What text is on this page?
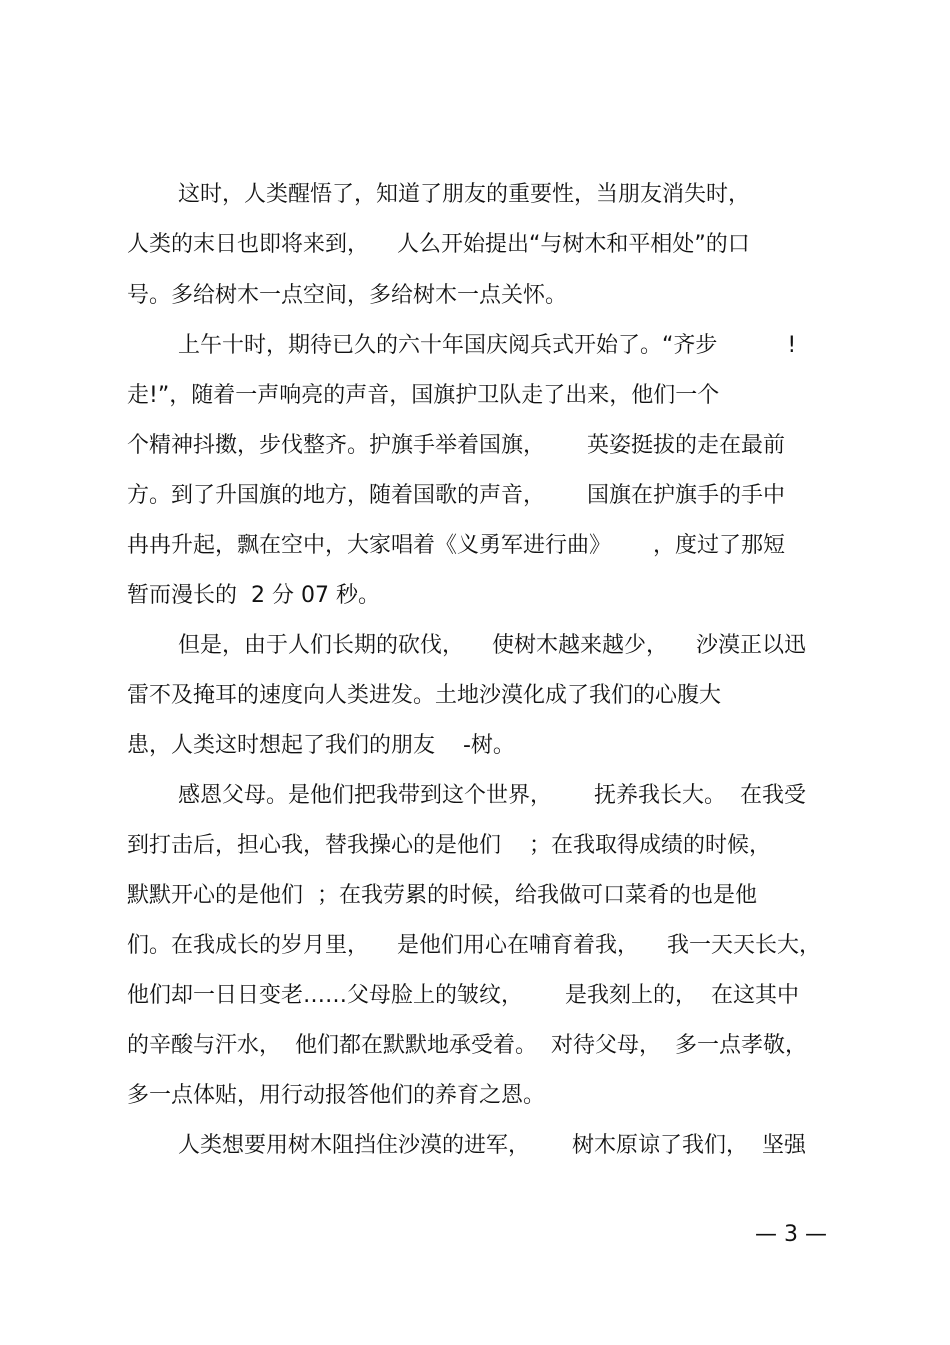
这时，人类醒悟了，知道了朋友的重要性，当朋友消失时，
人类的末日也即将来到，    人么开始提出“与树木和平相处”的口
号。多给树木一点空间，多给树木一点关怀。
上午十时，期待已久的六十年国庆阅兵式开始了。“齐步          !
走!”，随着一声响亮的声音，国旗护卫队走了出来，他们一个
个精神抖擞，步伐整齐。护旗手举着国旗，      英姿挺拔的走在最前
方。到了升国旗的地方，随着国歌的声音，      国旗在护旗手的手中
冉冉升起，飘在空中，大家唱着《义勇军进行曲》      ，度过了那短
暂而漫长的  2 分 07 秒。
但是，由于人们长期的砍伐，    使树木越来越少，    沙漠正以迅
雷不及掩耳的速度向人类进发。土地沙漠化成了我们的心腹大
患，人类这时想起了我们的朋友    -树。
感恩父母。是他们把我带到这个世界，      抚养我长大。  在我受
到打击后，担心我，替我操心的是他们    ；在我取得成绩的时候，
默默开心的是他们  ；在我劳累的时候，给我做可口菜肴的也是他
们。在我成长的岁月里，    是他们用心在哺育着我，    我一天天长大，
他们却一日日变老……父母脸上的皱纹，      是我刻上的，  在这其中
的辛酸与汗水，  他们都在默默地承受着。  对待父母，  多一点孝敬，
多一点体贴，用行动报答他们的养育之恩。
人类想要用树木阻挡住沙漠的进军，      树木原谅了我们，  坚强
— 3 —
